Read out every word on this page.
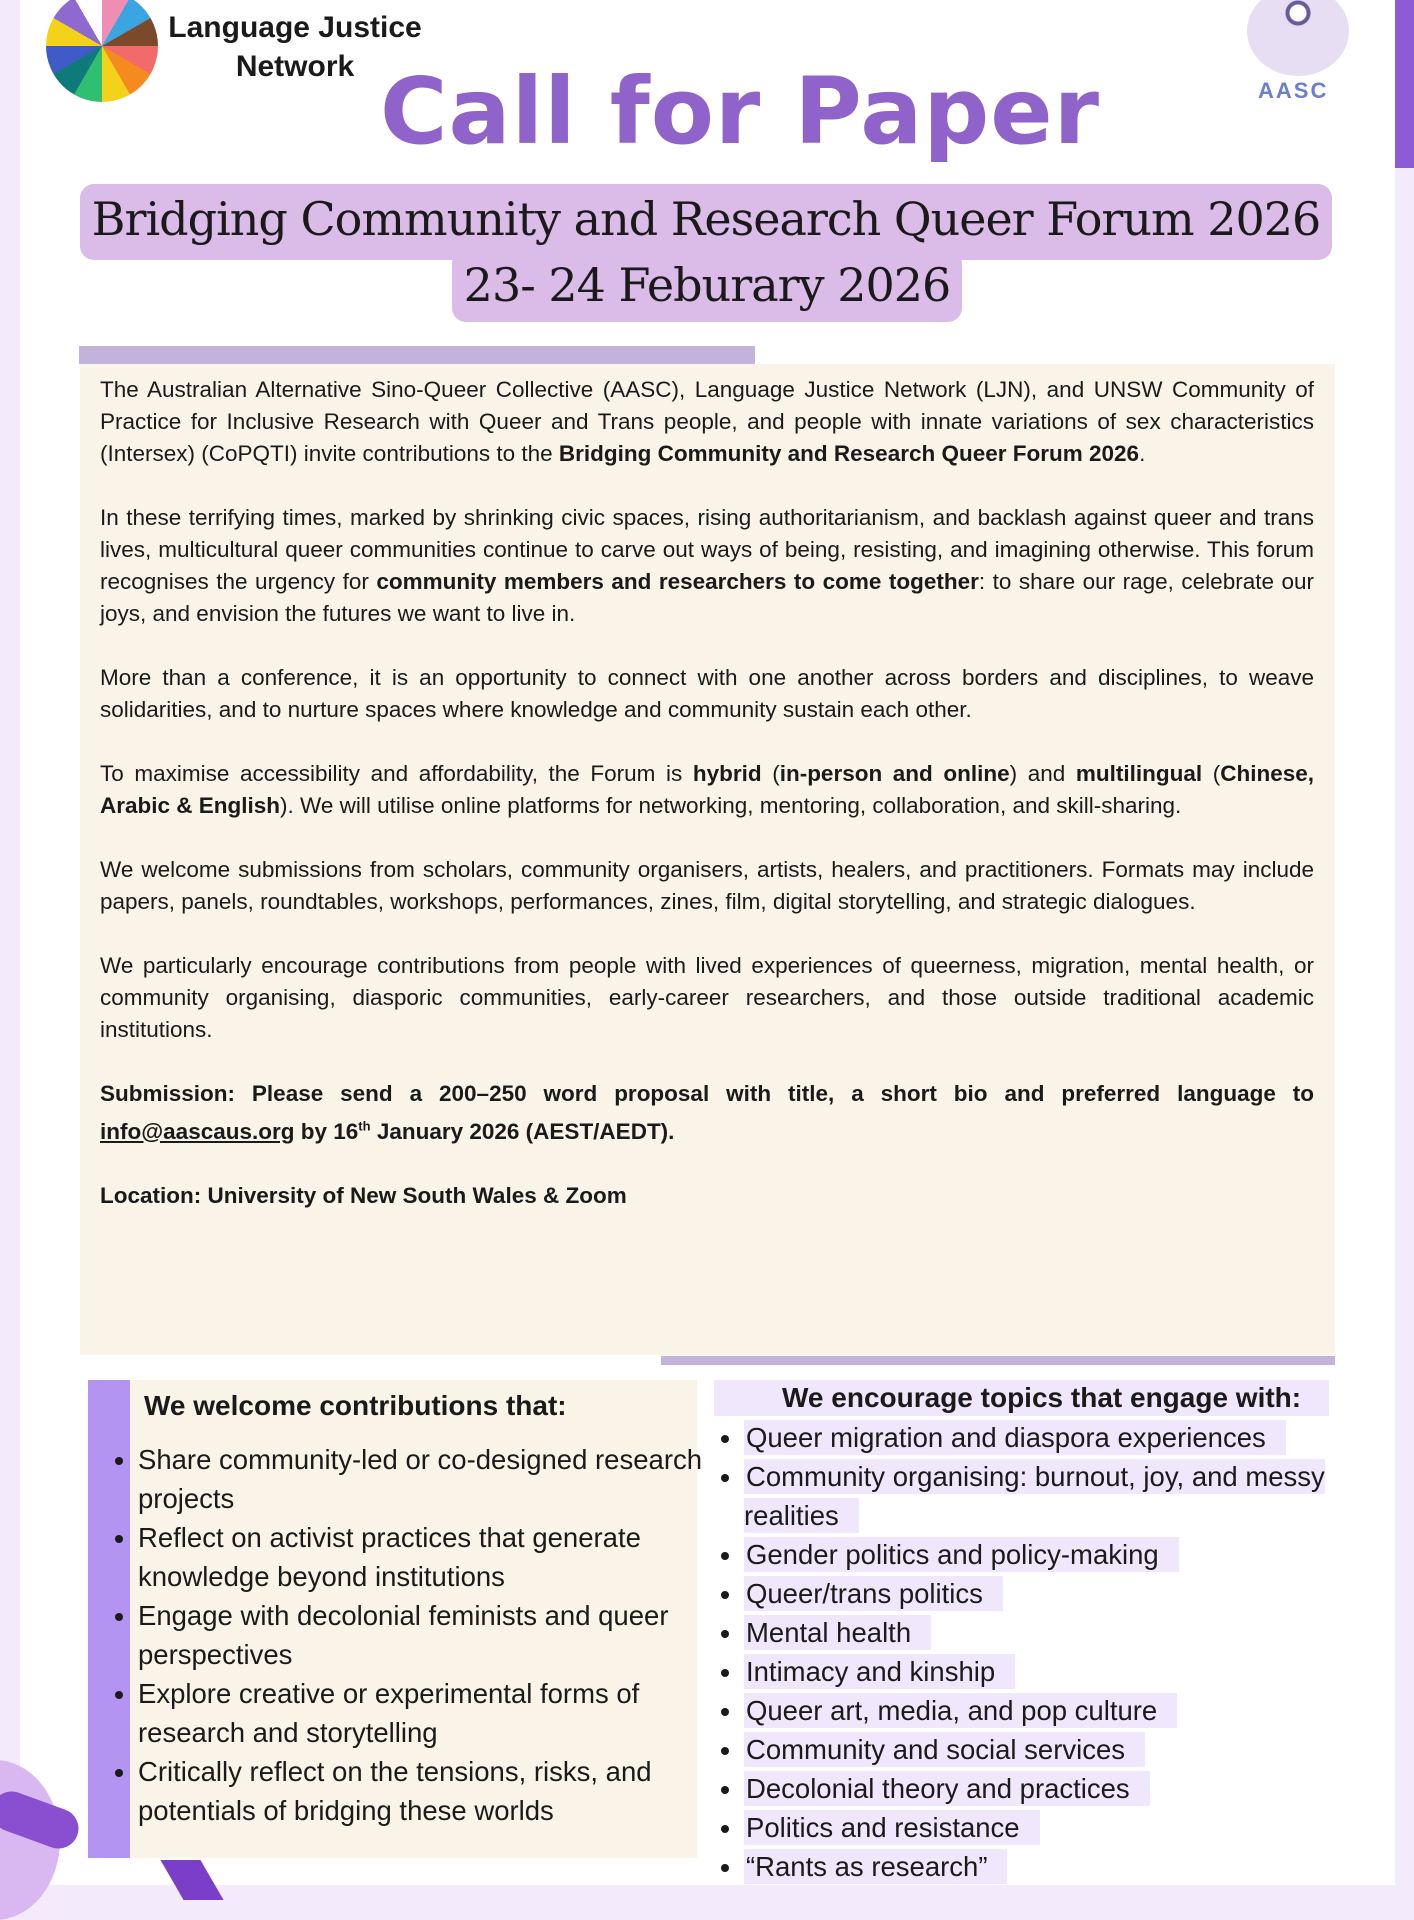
Language Justice
Network Call for Paper	AASC
Bridging Community and Research Queer Forum 2026
23- 24 Feburary 2026

The Australian Alternative Sino-Queer Collective (AASC), Language Justice Network (LJN), and UNSW Community of Practice for Inclusive Research with Queer and Trans people, and people with innate variations of sex characteristics (Intersex) (CoPQTI) invite contributions to the Bridging Community and Research Queer Forum 2026.

In these terrifying times, marked by shrinking civic spaces, rising authoritarianism, and backlash against queer and trans lives, multicultural queer communities continue to carve out ways of being, resisting, and imagining otherwise. This forum recognises the urgency for community members and researchers to come together: to share our rage, celebrate our joys, and envision the futures we want to live in.

More than a conference, it is an opportunity to connect with one another across borders and disciplines, to weave solidarities, and to nurture spaces where knowledge and community sustain each other.

To maximise accessibility and affordability, the Forum is hybrid (in-person and online) and multilingual (Chinese, Arabic & English). We will utilise online platforms for networking, mentoring, collaboration, and skill-sharing.

We welcome submissions from scholars, community organisers, artists, healers, and practitioners. Formats may include papers, panels, roundtables, workshops, performances, zines, film, digital storytelling, and strategic dialogues.

We particularly encourage contributions from people with lived experiences of queerness, migration, mental health, or community organising, diasporic communities, early-career researchers, and those outside traditional academic institutions.

Submission: Please send a 200–250 word proposal with title, a short bio and preferred language to info@aascaus.org by 16th January 2026 (AEST/AEDT).

Location: University of New South Wales & Zoom

We welcome contributions that:
• Share community-led or co-designed research projects
• Reflect on activist practices that generate knowledge beyond institutions
• Engage with decolonial feminists and queer perspectives
• Explore creative or experimental forms of research and storytelling
• Critically reflect on the tensions, risks, and potentials of bridging these worlds
We encourage topics that engage with:
• Queer migration and diaspora experiences
• Community organising: burnout, joy, and messy realities
• Gender politics and policy-making
• Queer/trans politics
• Mental health
• Intimacy and kinship
• Queer art, media, and pop culture
• Community and social services
• Decolonial theory and practices
• Politics and resistance
• “Rants as research”
